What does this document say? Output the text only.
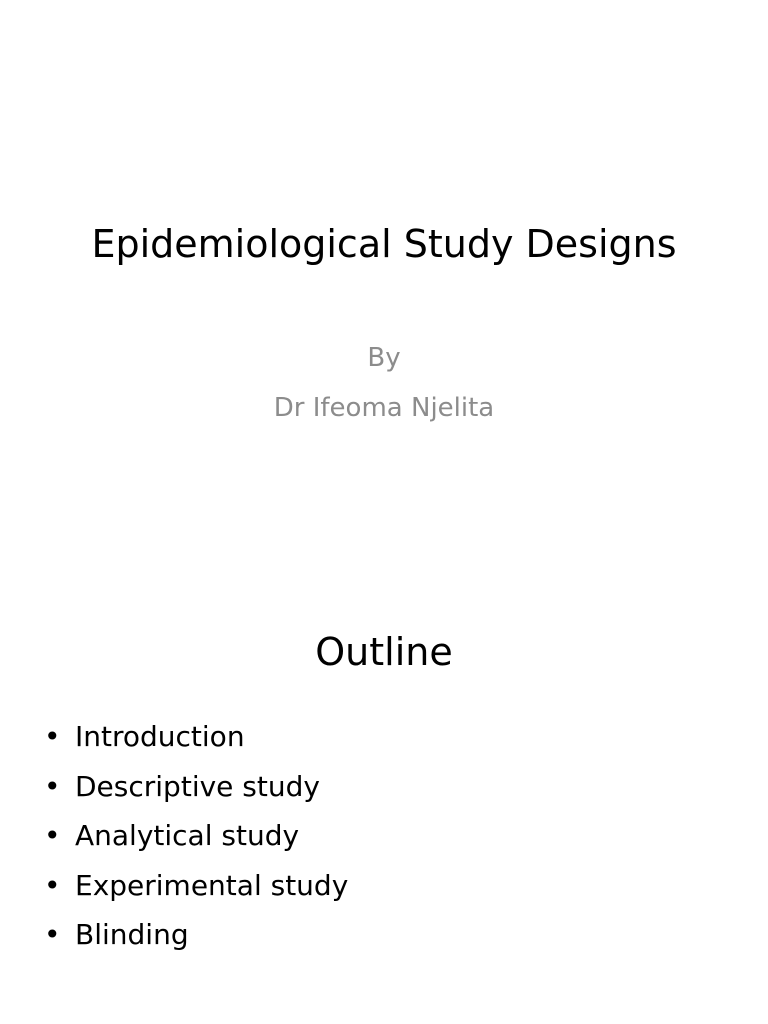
Epidemiological Study Designs
By
Dr Ifeoma Njelita
Outline
• Introduction
• Descriptive study
• Analytical study
• Experimental study
• Blinding
